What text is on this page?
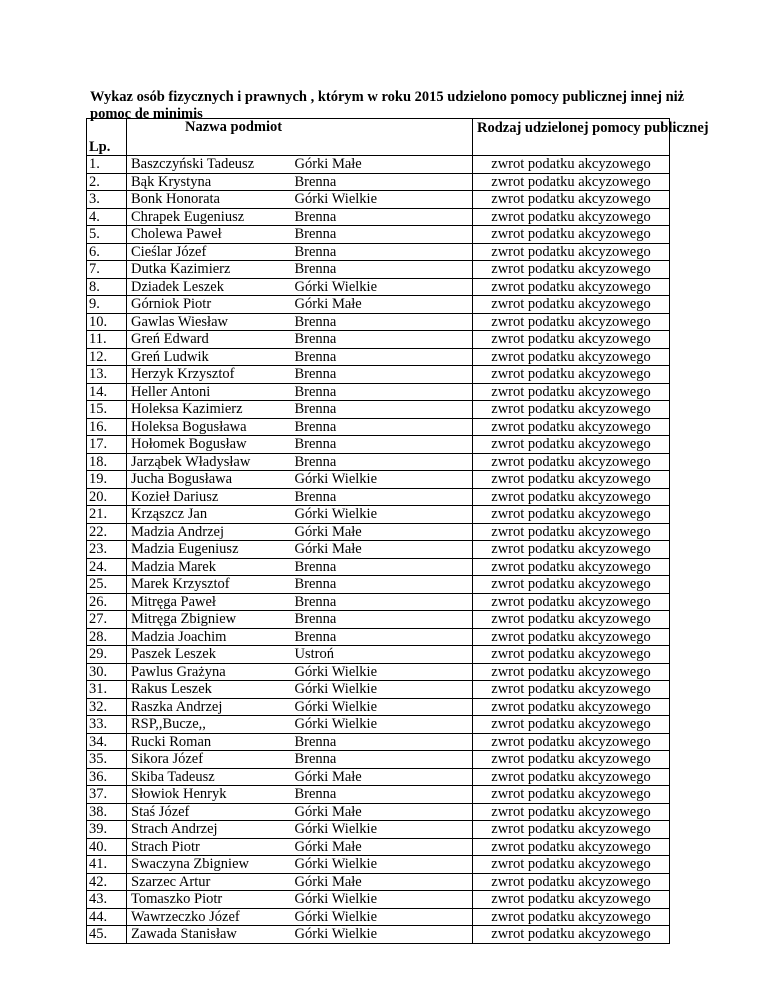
Wykaz osób fizycznych i prawnych , którym w roku 2015 udzielono pomocy publicznej innej niż pomoc de minimis
Lp.	Nazwa podmiot		Rodzaj udzielonej pomocy publicznej
1.	Baszczyński Tadeusz	Górki Małe	zwrot podatku akcyzowego
2.	Bąk Krystyna	Brenna	zwrot podatku akcyzowego
3.	Bonk Honorata	Górki Wielkie	zwrot podatku akcyzowego
4.	Chrapek Eugeniusz	Brenna	zwrot podatku akcyzowego
5.	Cholewa Paweł	Brenna	zwrot podatku akcyzowego
6.	Cieślar Józef	Brenna	zwrot podatku akcyzowego
7.	Dutka Kazimierz	Brenna	zwrot podatku akcyzowego
8.	Dziadek Leszek	Górki Wielkie	zwrot podatku akcyzowego
9.	Górniok Piotr	Górki Małe	zwrot podatku akcyzowego
10.	Gawlas Wiesław	Brenna	zwrot podatku akcyzowego
11.	Greń Edward	Brenna	zwrot podatku akcyzowego
12.	Greń Ludwik	Brenna	zwrot podatku akcyzowego
13.	Herzyk Krzysztof	Brenna	zwrot podatku akcyzowego
14.	Heller Antoni	Brenna	zwrot podatku akcyzowego
15.	Holeksa Kazimierz	Brenna	zwrot podatku akcyzowego
16.	Holeksa Bogusława	Brenna	zwrot podatku akcyzowego
17.	Hołomek Bogusław	Brenna	zwrot podatku akcyzowego
18.	Jarząbek Władysław	Brenna	zwrot podatku akcyzowego
19.	Jucha Bogusława	Górki Wielkie	zwrot podatku akcyzowego
20.	Kozieł Dariusz	Brenna	zwrot podatku akcyzowego
21.	Krząszcz Jan	Górki Wielkie	zwrot podatku akcyzowego
22.	Madzia Andrzej	Górki Małe	zwrot podatku akcyzowego
23.	Madzia Eugeniusz	Górki Małe	zwrot podatku akcyzowego
24.	Madzia Marek	Brenna	zwrot podatku akcyzowego
25.	Marek Krzysztof	Brenna	zwrot podatku akcyzowego
26.	Mitręga Paweł	Brenna	zwrot podatku akcyzowego
27.	Mitręga Zbigniew	Brenna	zwrot podatku akcyzowego
28.	Madzia Joachim	Brenna	zwrot podatku akcyzowego
29.	Paszek Leszek	Ustroń	zwrot podatku akcyzowego
30.	Pawlus Grażyna	Górki Wielkie	zwrot podatku akcyzowego
31.	Rakus Leszek	Górki Wielkie	zwrot podatku akcyzowego
32.	Raszka Andrzej	Górki Wielkie	zwrot podatku akcyzowego
33.	RSP,,Bucze,,	Górki Wielkie	zwrot podatku akcyzowego
34.	Rucki Roman	Brenna	zwrot podatku akcyzowego
35.	Sikora Józef	Brenna	zwrot podatku akcyzowego
36.	Skiba Tadeusz	Górki Małe	zwrot podatku akcyzowego
37.	Słowiok Henryk	Brenna	zwrot podatku akcyzowego
38.	Staś Józef	Górki Małe	zwrot podatku akcyzowego
39.	Strach Andrzej	Górki Wielkie	zwrot podatku akcyzowego
40.	Strach Piotr	Górki Małe	zwrot podatku akcyzowego
41.	Swaczyna Zbigniew	Górki Wielkie	zwrot podatku akcyzowego
42.	Szarzec Artur	Górki Małe	zwrot podatku akcyzowego
43.	Tomaszko Piotr	Górki Wielkie	zwrot podatku akcyzowego
44.	Wawrzeczko Józef	Górki Wielkie	zwrot podatku akcyzowego
45.	Zawada Stanisław	Górki Wielkie	zwrot podatku akcyzowego
